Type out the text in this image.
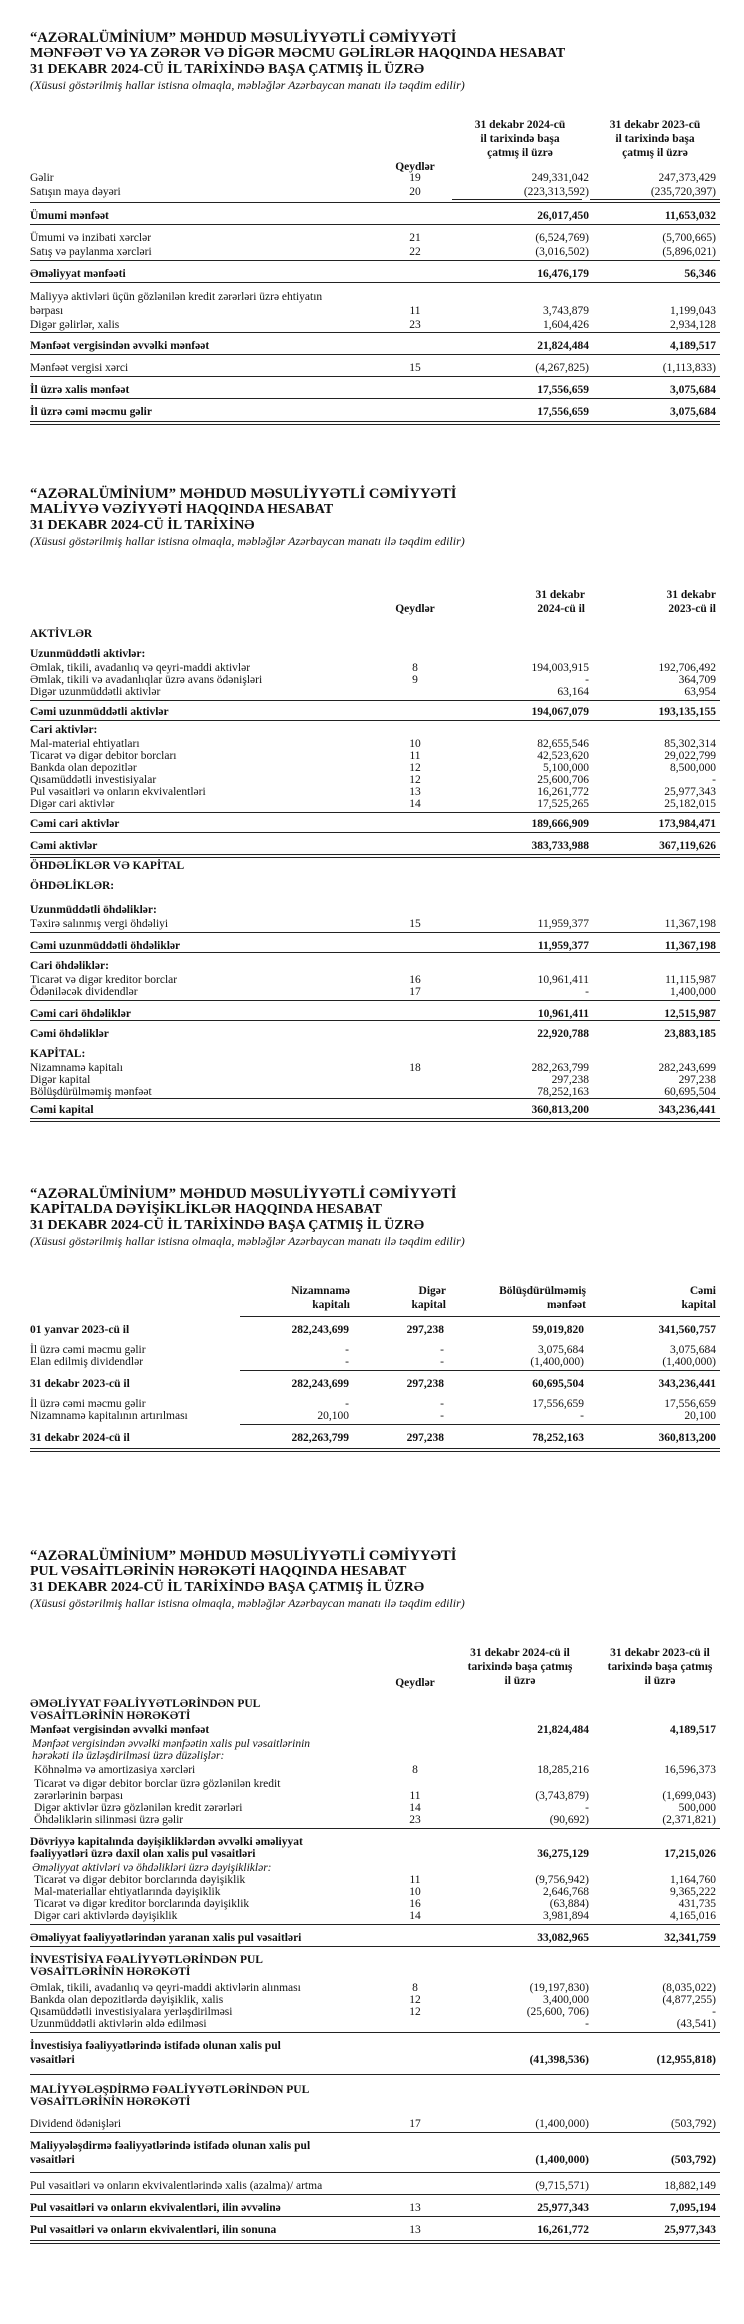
“AZƏRALÜMİNİUM” MƏHDUD MƏSULİYYƏTLİ CƏMİYYƏTİ
MƏNFƏƏT VƏ YA ZƏRƏR VƏ DİGƏR MƏCMU GƏLİRLƏR HAQQINDA HESABAT
31 DEKABR 2024-CÜ İL TARİXİNDƏ BAŞA ÇATMIŞ İL ÜZRƏ
(Xüsusi göstərilmiş hallar istisna olmaqla, məbləğlər Azərbaycan manatı ilə təqdim edilir)
Qeydlər
31 dekabr 2024-cü
il tarixində başa
çatmış il üzrə
31 dekabr 2023-cü
il tarixində başa
çatmış il üzrə
Gəlir	19	249,331,042	247,373,429
Satışın maya dəyəri	20	(223,313,592)	(235,720,397)
Ümumi mənfəət	26,017,450	11,653,032
Ümumi və inzibati xərclər	21	(6,524,769)	(5,700,665)
Satış və paylanma xərcləri	22	(3,016,502)	(5,896,021)
Əməliyyat mənfəəti	16,476,179	56,346
Maliyyə aktivləri üçün gözlənilən kredit zərərləri üzrə ehtiyatın
bərpası	11	3,743,879	1,199,043
Digər gəlirlər, xalis	23	1,604,426	2,934,128
Mənfəət vergisindən əvvəlki mənfəət	21,824,484	4,189,517
Mənfəət vergisi xərci	15	(4,267,825)	(1,113,833)
İl üzrə xalis mənfəət	17,556,659	3,075,684
İl üzrə cəmi məcmu gəlir	17,556,659	3,075,684
“AZƏRALÜMİNİUM” MƏHDUD MƏSULİYYƏTLİ CƏMİYYƏTİ
MALİYYƏ VƏZİYYƏTİ HAQQINDA HESABAT
31 DEKABR 2024-CÜ İL TARİXİNƏ
(Xüsusi göstərilmiş hallar istisna olmaqla, məbləğlər Azərbaycan manatı ilə təqdim edilir)
Qeydlər
31 dekabr
2024-cü il
31 dekabr
2023-cü il
AKTİVLƏR
Uzunmüddətli aktivlər:
Əmlak, tikili, avadanlıq və qeyri-maddi aktivlər	8	194,003,915	192,706,492
Əmlak, tikili və avadanlıqlar üzrə avans ödənişləri	9	-	364,709
Digər uzunmüddətli aktivlər	63,164	63,954
Cəmi uzunmüddətli aktivlər	194,067,079	193,135,155
Cari aktivlər:
Mal-material ehtiyatları	10	82,655,546	85,302,314
Ticarət və digər debitor borcları	11	42,523,620	29,022,799
Bankda olan depozitlər	12	5,100,000	8,500,000
Qısamüddətli investisiyalar	12	25,600,706	-
Pul vəsaitləri və onların ekvivalentləri	13	16,261,772	25,977,343
Digər cari aktivlər	14	17,525,265	25,182,015
Cəmi cari aktivlər	189,666,909	173,984,471
Cəmi aktivlər	383,733,988	367,119,626
ÖHDƏLİKLƏR VƏ KAPİTAL
ÖHDƏLİKLƏR:
Uzunmüddətli öhdəliklər:
Təxirə salınmış vergi öhdəliyi	15	11,959,377	11,367,198
Cəmi uzunmüddətli öhdəliklər	11,959,377	11,367,198
Cari öhdəliklər:
Ticarət və digər kreditor borclar	16	10,961,411	11,115,987
Ödəniləcək dividendlər	17	-	1,400,000
Cəmi cari öhdəliklər	10,961,411	12,515,987
Cəmi öhdəliklər	22,920,788	23,883,185
KAPİTAL:
Nizamnamə kapitalı	18	282,263,799	282,243,699
Digər kapital	297,238	297,238
Bölüşdürülməmiş mənfəət	78,252,163	60,695,504
Cəmi kapital	360,813,200	343,236,441
“AZƏRALÜMİNİUM” MƏHDUD MƏSULİYYƏTLİ CƏMİYYƏTİ
KAPİTALDA DƏYİŞİKLİKLƏR HAQQINDA HESABAT
31 DEKABR 2024-CÜ İL TARİXİNDƏ BAŞA ÇATMIŞ İL ÜZRƏ
(Xüsusi göstərilmiş hallar istisna olmaqla, məbləğlər Azərbaycan manatı ilə təqdim edilir)
Nizamnamə
kapitalı
Digər
kapital
Bölüşdürülməmiş
mənfəət
Cəmi
kapital
01 yanvar 2023-cü il	282,243,699	297,238	59,019,820	341,560,757
İl üzrə cəmi məcmu gəlir	-	-	3,075,684	3,075,684
Elan edilmiş dividendlər	-	-	(1,400,000)	(1,400,000)
31 dekabr 2023-cü il	282,243,699	297,238	60,695,504	343,236,441
İl üzrə cəmi məcmu gəlir	-	-	17,556,659	17,556,659
Nizamnamə kapitalının artırılması	20,100	-	-	20,100
31 dekabr 2024-cü il	282,263,799	297,238	78,252,163	360,813,200
“AZƏRALÜMİNİUM” MƏHDUD MƏSULİYYƏTLİ CƏMİYYƏTİ
PUL VƏSAİTLƏRİNİN HƏRƏKƏTİ HAQQINDA HESABAT
31 DEKABR 2024-CÜ İL TARİXİNDƏ BAŞA ÇATMIŞ İL ÜZRƏ
(Xüsusi göstərilmiş hallar istisna olmaqla, məbləğlər Azərbaycan manatı ilə təqdim edilir)
Qeydlər
31 dekabr 2024-cü il
tarixində başa çatmış
il üzrə
31 dekabr 2023-cü il
tarixində başa çatmış
il üzrə
ƏMƏLİYYAT FƏALİYYƏTLƏRİNDƏN PUL
VƏSAİTLƏRİNİN HƏRƏKƏTİ
Mənfəət vergisindən əvvəlki mənfəət	21,824,484	4,189,517
Mənfəət vergisindən əvvəlki mənfəətin xalis pul vəsaitlərinin
hərəkəti ilə üzləşdirilməsi üzrə düzəlişlər:
Köhnəlmə və amortizasiya xərcləri	8	18,285,216	16,596,373
Ticarət və digər debitor borclar üzrə gözlənilən kredit
zərərlərinin bərpası	11	(3,743,879)	(1,699,043)
Digər aktivlər üzrə gözlənilən kredit zərərləri	14	-	500,000
Öhdəliklərin silinməsi üzrə gəlir	23	(90,692)	(2,371,821)
Dövriyyə kapitalında dəyişikliklərdən əvvəlki əməliyyat
fəaliyyətləri üzrə daxil olan xalis pul vəsaitləri	36,275,129	17,215,026
Əməliyyat aktivləri və öhdəlikləri üzrə dəyişikliklər:
Ticarət və digər debitor borclarında dəyişiklik	11	(9,756,942)	1,164,760
Mal-materiallar ehtiyatlarında dəyişiklik	10	2,646,768	9,365,222
Ticarət və digər kreditor borclarında dəyişiklik	16	(63,884)	431,735
Digər cari aktivlərdə dəyişiklik	14	3,981,894	4,165,016
Əməliyyat fəaliyyətlərindən yaranan xalis pul vəsaitləri	33,082,965	32,341,759
İNVESTİSİYA FƏALİYYƏTLƏRİNDƏN PUL
VƏSAİTLƏRİNİN HƏRƏKƏTİ
Əmlak, tikili, avadanlıq və qeyri-maddi aktivlərin alınması	8	(19,197,830)	(8,035,022)
Bankda olan depozitlərdə dəyişiklik, xalis	12	3,400,000	(4,877,255)
Qısamüddətli investisiyalara yerləşdirilməsi	12	(25,600, 706)	-
Uzunmüddətli aktivlərin əldə edilməsi	-	(43,541)
İnvestisiya fəaliyyətlərində istifadə olunan xalis pul
vəsaitləri	(41,398,536)	(12,955,818)
MALİYYƏLƏŞDİRMƏ FƏALİYYƏTLƏRİNDƏN PUL
VƏSAİTLƏRİNİN HƏRƏKƏTİ
Dividend ödənişləri	17	(1,400,000)	(503,792)
Maliyyələşdirmə fəaliyyətlərində istifadə olunan xalis pul
vəsaitləri	(1,400,000)	(503,792)
Pul vəsaitləri və onların ekvivalentlərində xalis (azalma)/ artma	(9,715,571)	18,882,149
Pul vəsaitləri və onların ekvivalentləri, ilin əvvəlinə	13	25,977,343	7,095,194
Pul vəsaitləri və onların ekvivalentləri, ilin sonuna	13	16,261,772	25,977,343
